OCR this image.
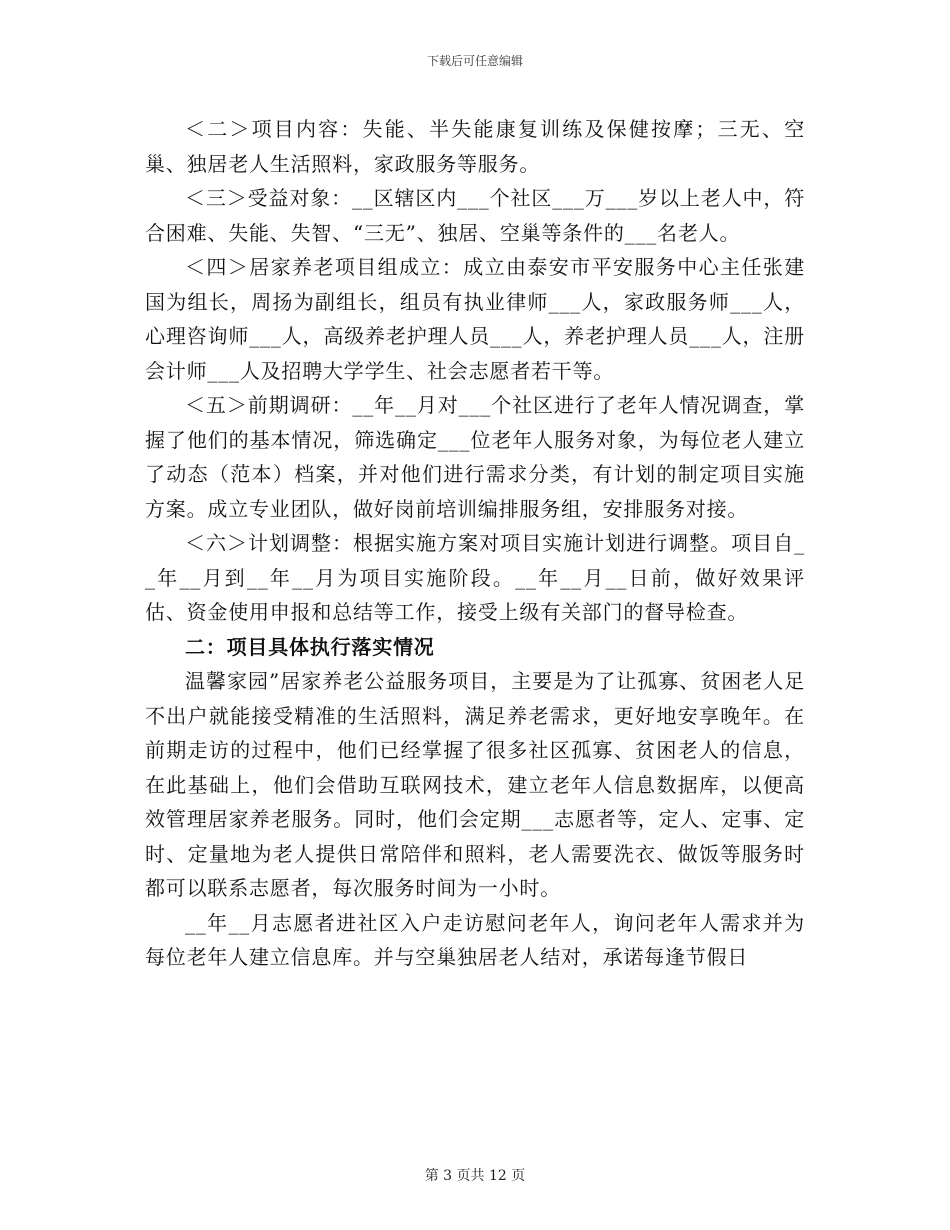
下载后可任意编辑

＜二＞项目内容：失能、半失能康复训练及保健按摩；三无、空巢、独居老人生活照料，家政服务等服务。

＜三＞受益对象：__区辖区内___个社区___万___岁以上老人中，符合困难、失能、失智、“三无”、独居、空巢等条件的___名老人。

＜四＞居家养老项目组成立：成立由泰安市平安服务中心主任张建国为组长，周扬为副组长，组员有执业律师___人，家政服务师___人，心理咨询师___人，高级养老护理人员___人，养老护理人员___人，注册会计师___人及招聘大学学生、社会志愿者若干等。

＜五＞前期调研：__年__月对___个社区进行了老年人情况调查，掌握了他们的基本情况，筛选确定___位老年人服务对象，为每位老人建立了动态（范本）档案，并对他们进行需求分类，有计划的制定项目实施方案。成立专业团队，做好岗前培训编排服务组，安排服务对接。

＜六＞计划调整：根据实施方案对项目实施计划进行调整。项目自__年__月到__年__月为项目实施阶段。__年__月__日前，做好效果评估、资金使用申报和总结等工作，接受上级有关部门的督导检查。

二：项目具体执行落实情况

温馨家园”居家养老公益服务项目，主要是为了让孤寡、贫困老人足不出户就能接受精准的生活照料，满足养老需求，更好地安享晚年。在前期走访的过程中，他们已经掌握了很多社区孤寡、贫困老人的信息，在此基础上，他们会借助互联网技术，建立老年人信息数据库，以便高效管理居家养老服务。同时，他们会定期___志愿者等，定人、定事、定时、定量地为老人提供日常陪伴和照料，老人需要洗衣、做饭等服务时都可以联系志愿者，每次服务时间为一小时。

__年__月志愿者进社区入户走访慰问老年人，询问老年人需求并为每位老年人建立信息库。并与空巢独居老人结对，承诺每逢节假日

第 3 页共 12 页
